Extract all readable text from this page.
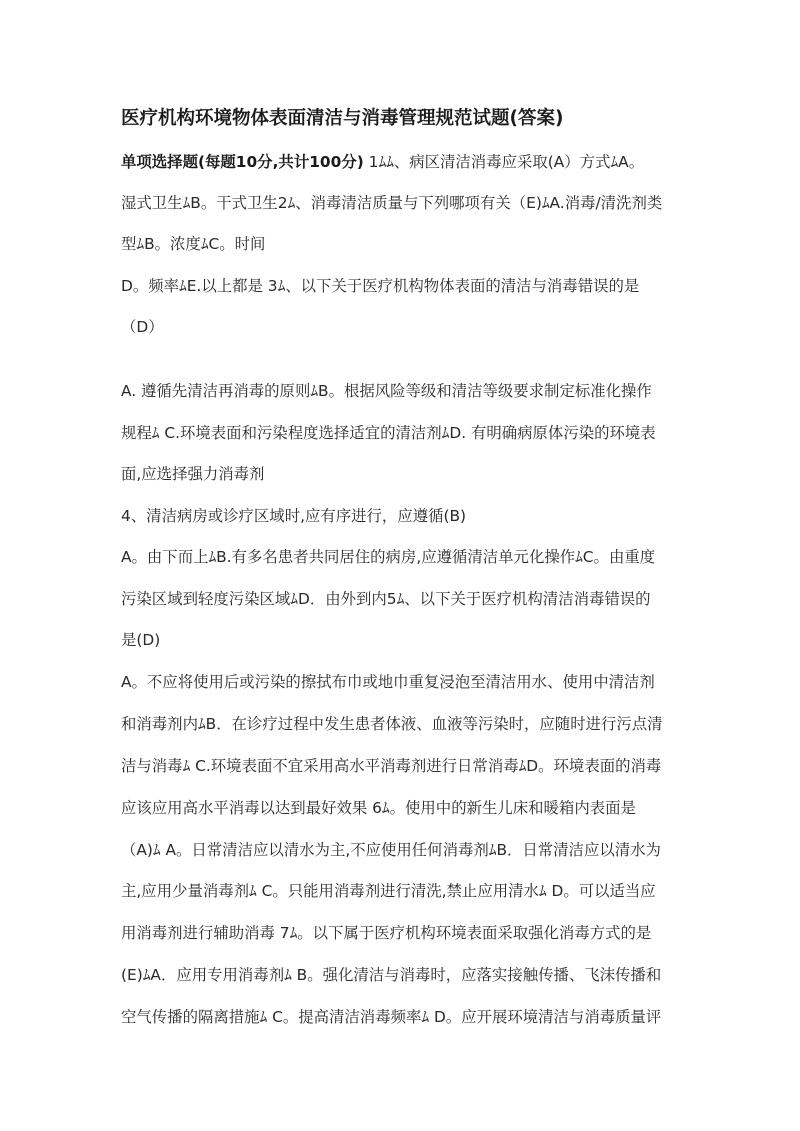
医疗机构环境物体表面清洁与消毒管理规范试题(答案)
单项选择题(每题10分,共计100分) 1ﾑﾑ、病区清洁消毒应采取(A）方式ﾑA。
湿式卫生ﾑB。干式卫生2ﾑ、消毒清洁质量与下列哪项有关（E)ﾑA.消毒/清洗剂类
型ﾑB。浓度ﾑC。时间
D。频率ﾑE.以上都是 3ﾑ、以下关于医疗机构物体表面的清洁与消毒错误的是
（D）
A. 遵循先清洁再消毒的原则ﾑB。根据风险等级和清洁等级要求制定标准化操作
规程ﾑ C.环境表面和污染程度选择适宜的清洁剂ﾑD. 有明确病原体污染的环境表
面,应选择强力消毒剂
4、清洁病房或诊疗区域时,应有序进行，应遵循(B)
A。由下而上ﾑB.有多名患者共同居住的病房,应遵循清洁单元化操作ﾑC。由重度
污染区域到轻度污染区域ﾑD．由外到内5ﾑ、以下关于医疗机构清洁消毒错误的
是(D)
A。不应将使用后或污染的擦拭布巾或地巾重复浸泡至清洁用水、使用中清洁剂
和消毒剂内ﾑB．在诊疗过程中发生患者体液、血液等污染时，应随时进行污点清
洁与消毒ﾑ C.环境表面不宜采用高水平消毒剂进行日常消毒ﾑD。环境表面的消毒
应该应用高水平消毒以达到最好效果 6ﾑ。使用中的新生儿床和暖箱内表面是
（A)ﾑ A。日常清洁应以清水为主,不应使用任何消毒剂ﾑB．日常清洁应以清水为
主,应用少量消毒剂ﾑ C。只能用消毒剂进行清洗,禁止应用清水ﾑ D。可以适当应
用消毒剂进行辅助消毒 7ﾑ。以下属于医疗机构环境表面采取强化消毒方式的是
(E)ﾑA．应用专用消毒剂ﾑ B。强化清洁与消毒时，应落实接触传播、飞沫传播和
空气传播的隔离措施ﾑ C。提高清洁消毒频率ﾑ D。应开展环境清洁与消毒质量评
